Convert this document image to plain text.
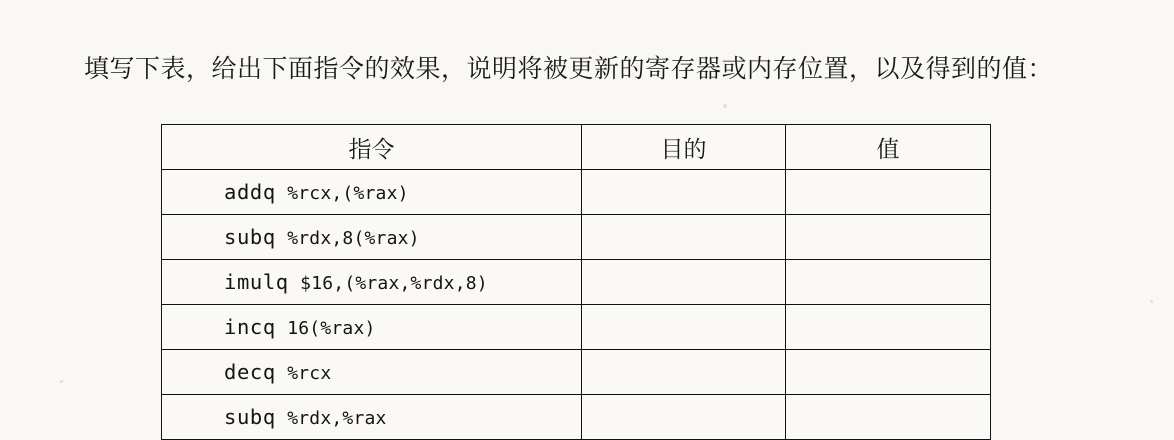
填写下表，给出下面指令的效果，说明将被更新的寄存器或内存位置，以及得到的值：

指令	目的	值
addq %rcx,(%rax)		
subq %rdx,8(%rax)		
imulq $16,(%rax,%rdx,8)		
incq 16(%rax)		
decq %rcx		
subq %rdx,%rax		
